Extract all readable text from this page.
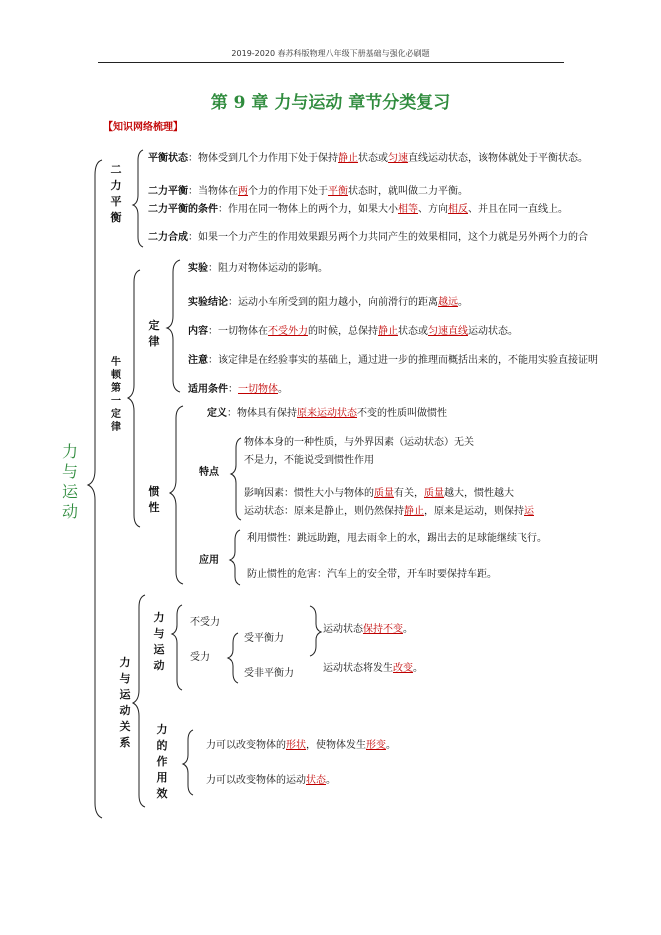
2019-2020 春苏科版物理八年级下册基础与强化必刷题
第 9 章 力与运动 章节分类复习
【知识网络梳理】
力与运动
二力平衡
平衡状态：物体受到几个力作用下处于保持静止状态或匀速直线运动状态，该物体就处于平衡状态。
二力平衡：当物体在两个力的作用下处于平衡状态时，就叫做二力平衡。
二力平衡的条件：作用在同一物体上的两个力，如果大小相等、方向相反、并且在同一直线上。
二力合成：如果一个力产生的作用效果跟另两个力共同产生的效果相同，这个力就是另外两个力的合
牛顿第一定律
定律
实验：阻力对物体运动的影响。
实验结论：运动小车所受到的阻力越小，向前滑行的距离越远。
内容：一切物体在不受外力的时候，总保持静止状态或匀速直线运动状态。
注意：该定律是在经验事实的基础上，通过进一步的推理而概括出来的，不能用实验直接证明
适用条件：一切物体。
惯性
定义：物体具有保持原来运动状态不变的性质叫做惯性
特点
物体本身的一种性质，与外界因素（运动状态）无关
不是力，不能说受到惯性作用
影响因素：惯性大小与物体的质量有关，质量越大，惯性越大
运动状态：原来是静止，则仍然保持静止，原来是运动，则保持运
应用
利用惯性：跳远助跑，甩去雨伞上的水，踢出去的足球能继续飞行。
防止惯性的危害：汽车上的安全带，开车时要保持车距。
力与运动关系
力与运动
不受力
受力
受平衡力
受非平衡力
运动状态保持不变。
运动状态将发生改变。
力的作用效
力可以改变物体的形状，使物体发生形变。
力可以改变物体的运动状态。
